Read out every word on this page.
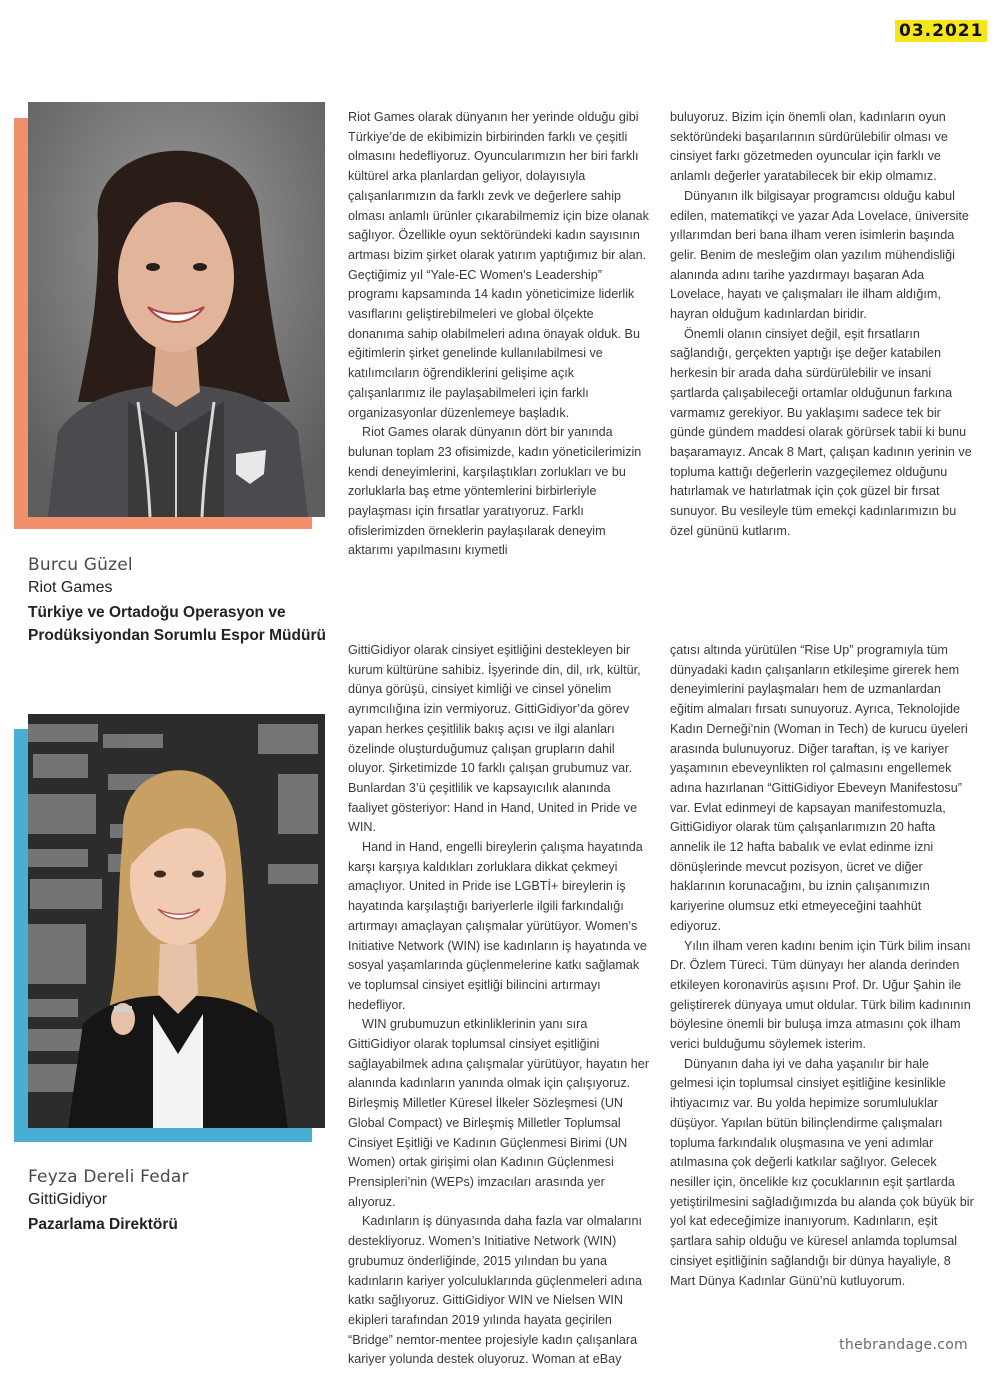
03.2021
Burcu Güzel
Riot Games
Türkiye ve Ortadoğu Operasyon ve
Prodüksiyondan Sorumlu Espor Müdürü
Feyza Dereli Fedar
GittiGidiyor
Pazarlama Direktörü

Riot Games olarak dünyanın her yerinde olduğu gibi Türkiye’de de ekibimizin birbirinden farklı ve çeşitli olmasını hedefliyoruz. Oyuncularımızın her biri farklı kültürel arka planlardan geliyor, dolayısıyla çalışanlarımızın da farklı zevk ve değerlere sahip olması anlamlı ürünler çıkarabilmemiz için bize olanak sağlıyor. Özellikle oyun sektöründeki kadın sayısının artması bizim şirket olarak yatırım yaptığımız bir alan. Geçtiğimiz yıl “Yale-EC Women's Leadership” programı kapsamında 14 kadın yöneticimize liderlik vasıflarını geliştirebilmeleri ve global ölçekte donanıma sahip olabilmeleri adına önayak olduk. Bu eğitimlerin şirket genelinde kullanılabilmesi ve katılımcıların öğrendiklerini gelişime açık çalışanlarımız ile paylaşabilmeleri için farklı organizasyonlar düzenlemeye başladık.

Riot Games olarak dünyanın dört bir yanında bulunan toplam 23 ofisimizde, kadın yöneticilerimizin kendi deneyimlerini, karşılaştıkları zorlukları ve bu zorluklarla baş etme yöntemlerini birbirleriyle paylaşması için fırsatlar yaratıyoruz. Farklı ofislerimizden örneklerin paylaşılarak deneyim aktarımı yapılmasını kıymetli

buluyoruz. Bizim için önemli olan, kadınların oyun sektöründeki başarılarının sürdürülebilir olması ve cinsiyet farkı gözetmeden oyuncular için farklı ve anlamlı değerler yaratabilecek bir ekip olmamız.

Dünyanın ilk bilgisayar programcısı olduğu kabul edilen, matematikçi ve yazar Ada Lovelace, üniversite yıllarımdan beri bana ilham veren isimlerin başında gelir. Benim de mesleğim olan yazılım mühendisliği alanında adını tarihe yazdırmayı başaran Ada Lovelace, hayatı ve çalışmaları ile ilham aldığım, hayran olduğum kadınlardan biridir.

Önemli olanın cinsiyet değil, eşit fırsatların sağlandığı, gerçekten yaptığı işe değer katabilen herkesin bir arada daha sürdürülebilir ve insani şartlarda çalışabileceği ortamlar olduğunun farkına varmamız gerekiyor. Bu yaklaşımı sadece tek bir günde gündem maddesi olarak görürsek tabii ki bunu başaramayız. Ancak 8 Mart, çalışan kadının yerinin ve topluma kattığı değerlerin vazgeçilemez olduğunu hatırlamak ve hatırlatmak için çok güzel bir fırsat sunuyor. Bu vesileyle tüm emekçi kadınlarımızın bu özel gününü kutlarım.

GittiGidiyor olarak cinsiyet eşitliğini destekleyen bir kurum kültürüne sahibiz. İşyerinde din, dil, ırk, kültür, dünya görüşü, cinsiyet kimliği ve cinsel yönelim ayrımcılığına izin vermiyoruz. GittiGidiyor’da görev yapan herkes çeşitlilik bakış açısı ve ilgi alanları özelinde oluşturduğumuz çalışan grupların dahil oluyor. Şirketimizde 10 farklı çalışan grubumuz var. Bunlardan 3’ü çeşitlilik ve kapsayıcılık alanında faaliyet gösteriyor: Hand in Hand, United in Pride ve WIN.

Hand in Hand, engelli bireylerin çalışma hayatında karşı karşıya kaldıkları zorluklara dikkat çekmeyi amaçlıyor. United in Pride ise LGBTİ+ bireylerin iş hayatında karşılaştığı bariyerlerle ilgili farkındalığı artırmayı amaçlayan çalışmalar yürütüyor. Women’s Initiative Network (WIN) ise kadınların iş hayatında ve sosyal yaşamlarında güçlenmelerine katkı sağlamak ve toplumsal cinsiyet eşitliği bilincini artırmayı hedefliyor.

WIN grubumuzun etkinliklerinin yanı sıra GittiGidiyor olarak toplumsal cinsiyet eşitliğini sağlayabilmek adına çalışmalar yürütüyor, hayatın her alanında kadınların yanında olmak için çalışıyoruz. Birleşmiş Milletler Küresel İlkeler Sözleşmesi (UN Global Compact) ve Birleşmiş Milletler Toplumsal Cinsiyet Eşitliği ve Kadının Güçlenmesi Birimi (UN Women) ortak girişimi olan Kadının Güçlenmesi Prensipleri’nin (WEPs) imzacıları arasında yer alıyoruz.

Kadınların iş dünyasında daha fazla var olmalarını destekliyoruz. Women’s Initiative Network (WIN) grubumuz önderliğinde, 2015 yılından bu yana kadınların kariyer yolculuklarında güçlenmeleri adına katkı sağlıyoruz. GittiGidiyor WIN ve Nielsen WIN ekipleri tarafından 2019 yılında hayata geçirilen “Bridge” nemtor-mentee projesiyle kadın çalışanlara kariyer yolunda destek oluyoruz. Woman at eBay

çatısı altında yürütülen “Rise Up” programıyla tüm dünyadaki kadın çalışanların etkileşime girerek hem deneyimlerini paylaşmaları hem de uzmanlardan eğitim almaları fırsatı sunuyoruz. Ayrıca, Teknolojide Kadın Derneği’nin (Woman in Tech) de kurucu üyeleri arasında bulunuyoruz. Diğer taraftan, iş ve kariyer yaşamının ebeveynlikten rol çalmasını engellemek adına hazırlanan “GittiGidiyor Ebeveyn Manifestosu” var. Evlat edinmeyi de kapsayan manifestomuzla, GittiGidiyor olarak tüm çalışanlarımızın 20 hafta annelik ile 12 hafta babalık ve evlat edinme izni dönüşlerinde mevcut pozisyon, ücret ve diğer haklarının korunacağını, bu iznin çalışanımızın kariyerine olumsuz etki etmeyeceğini taahhüt ediyoruz.

Yılın ilham veren kadını benim için Türk bilim insanı Dr. Özlem Türeci. Tüm dünyayı her alanda derinden etkileyen koronavirüs aşısını Prof. Dr. Uğur Şahin ile geliştirerek dünyaya umut oldular. Türk bilim kadınının böylesine önemli bir buluşa imza atmasını çok ilham verici bulduğumu söylemek isterim.

Dünyanın daha iyi ve daha yaşanılır bir hale gelmesi için toplumsal cinsiyet eşitliğine kesinlikle ihtiyacımız var. Bu yolda hepimize sorumluluklar düşüyor. Yapılan bütün bilinçlendirme çalışmaları topluma farkındalık oluşmasına ve yeni adımlar atılmasına çok değerli katkılar sağlıyor. Gelecek nesiller için, öncelikle kız çocuklarının eşit şartlarda yetiştirilmesini sağladığımızda bu alanda çok büyük bir yol kat edeceğimize inanıyorum. Kadınların, eşit şartlara sahip olduğu ve küresel anlamda toplumsal cinsiyet eşitliğinin sağlandığı bir dünya hayaliyle, 8 Mart Dünya Kadınlar Günü’nü kutluyorum.

thebrandage.com
